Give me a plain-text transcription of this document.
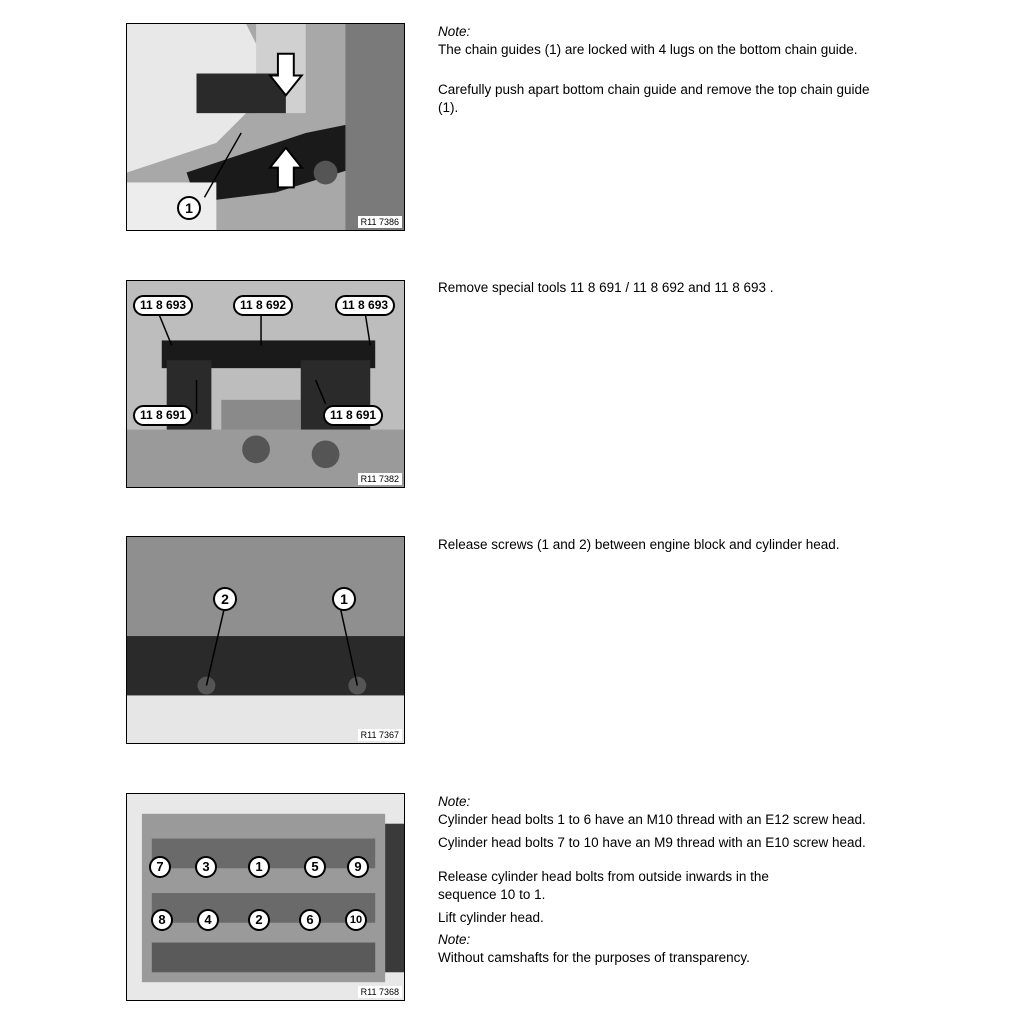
1
R11 7386

Note:

The chain guides (1) are locked with 4 lugs on the bottom chain guide.

Carefully push apart bottom chain guide and remove the top chain guide (1).

11 8 693	11 8 692	11 8 693
11 8 691	11 8 691
R11 7382

Remove special tools 11 8 691 / 11 8 692 and 11 8 693 .

2	1
R11 7367

Release screws (1 and 2) between engine block and cylinder head.

7	3	1	5	9
8	4	2	6	10
R11 7368

Note:

Cylinder head bolts 1 to 6 have an M10 thread with an E12 screw head.

Cylinder head bolts 7 to 10 have an M9 thread with an E10 screw head.

Release cylinder head bolts from outside inwards in the sequence 10 to 1.

Lift cylinder head.

Note:

Without camshafts for the purposes of transparency.
